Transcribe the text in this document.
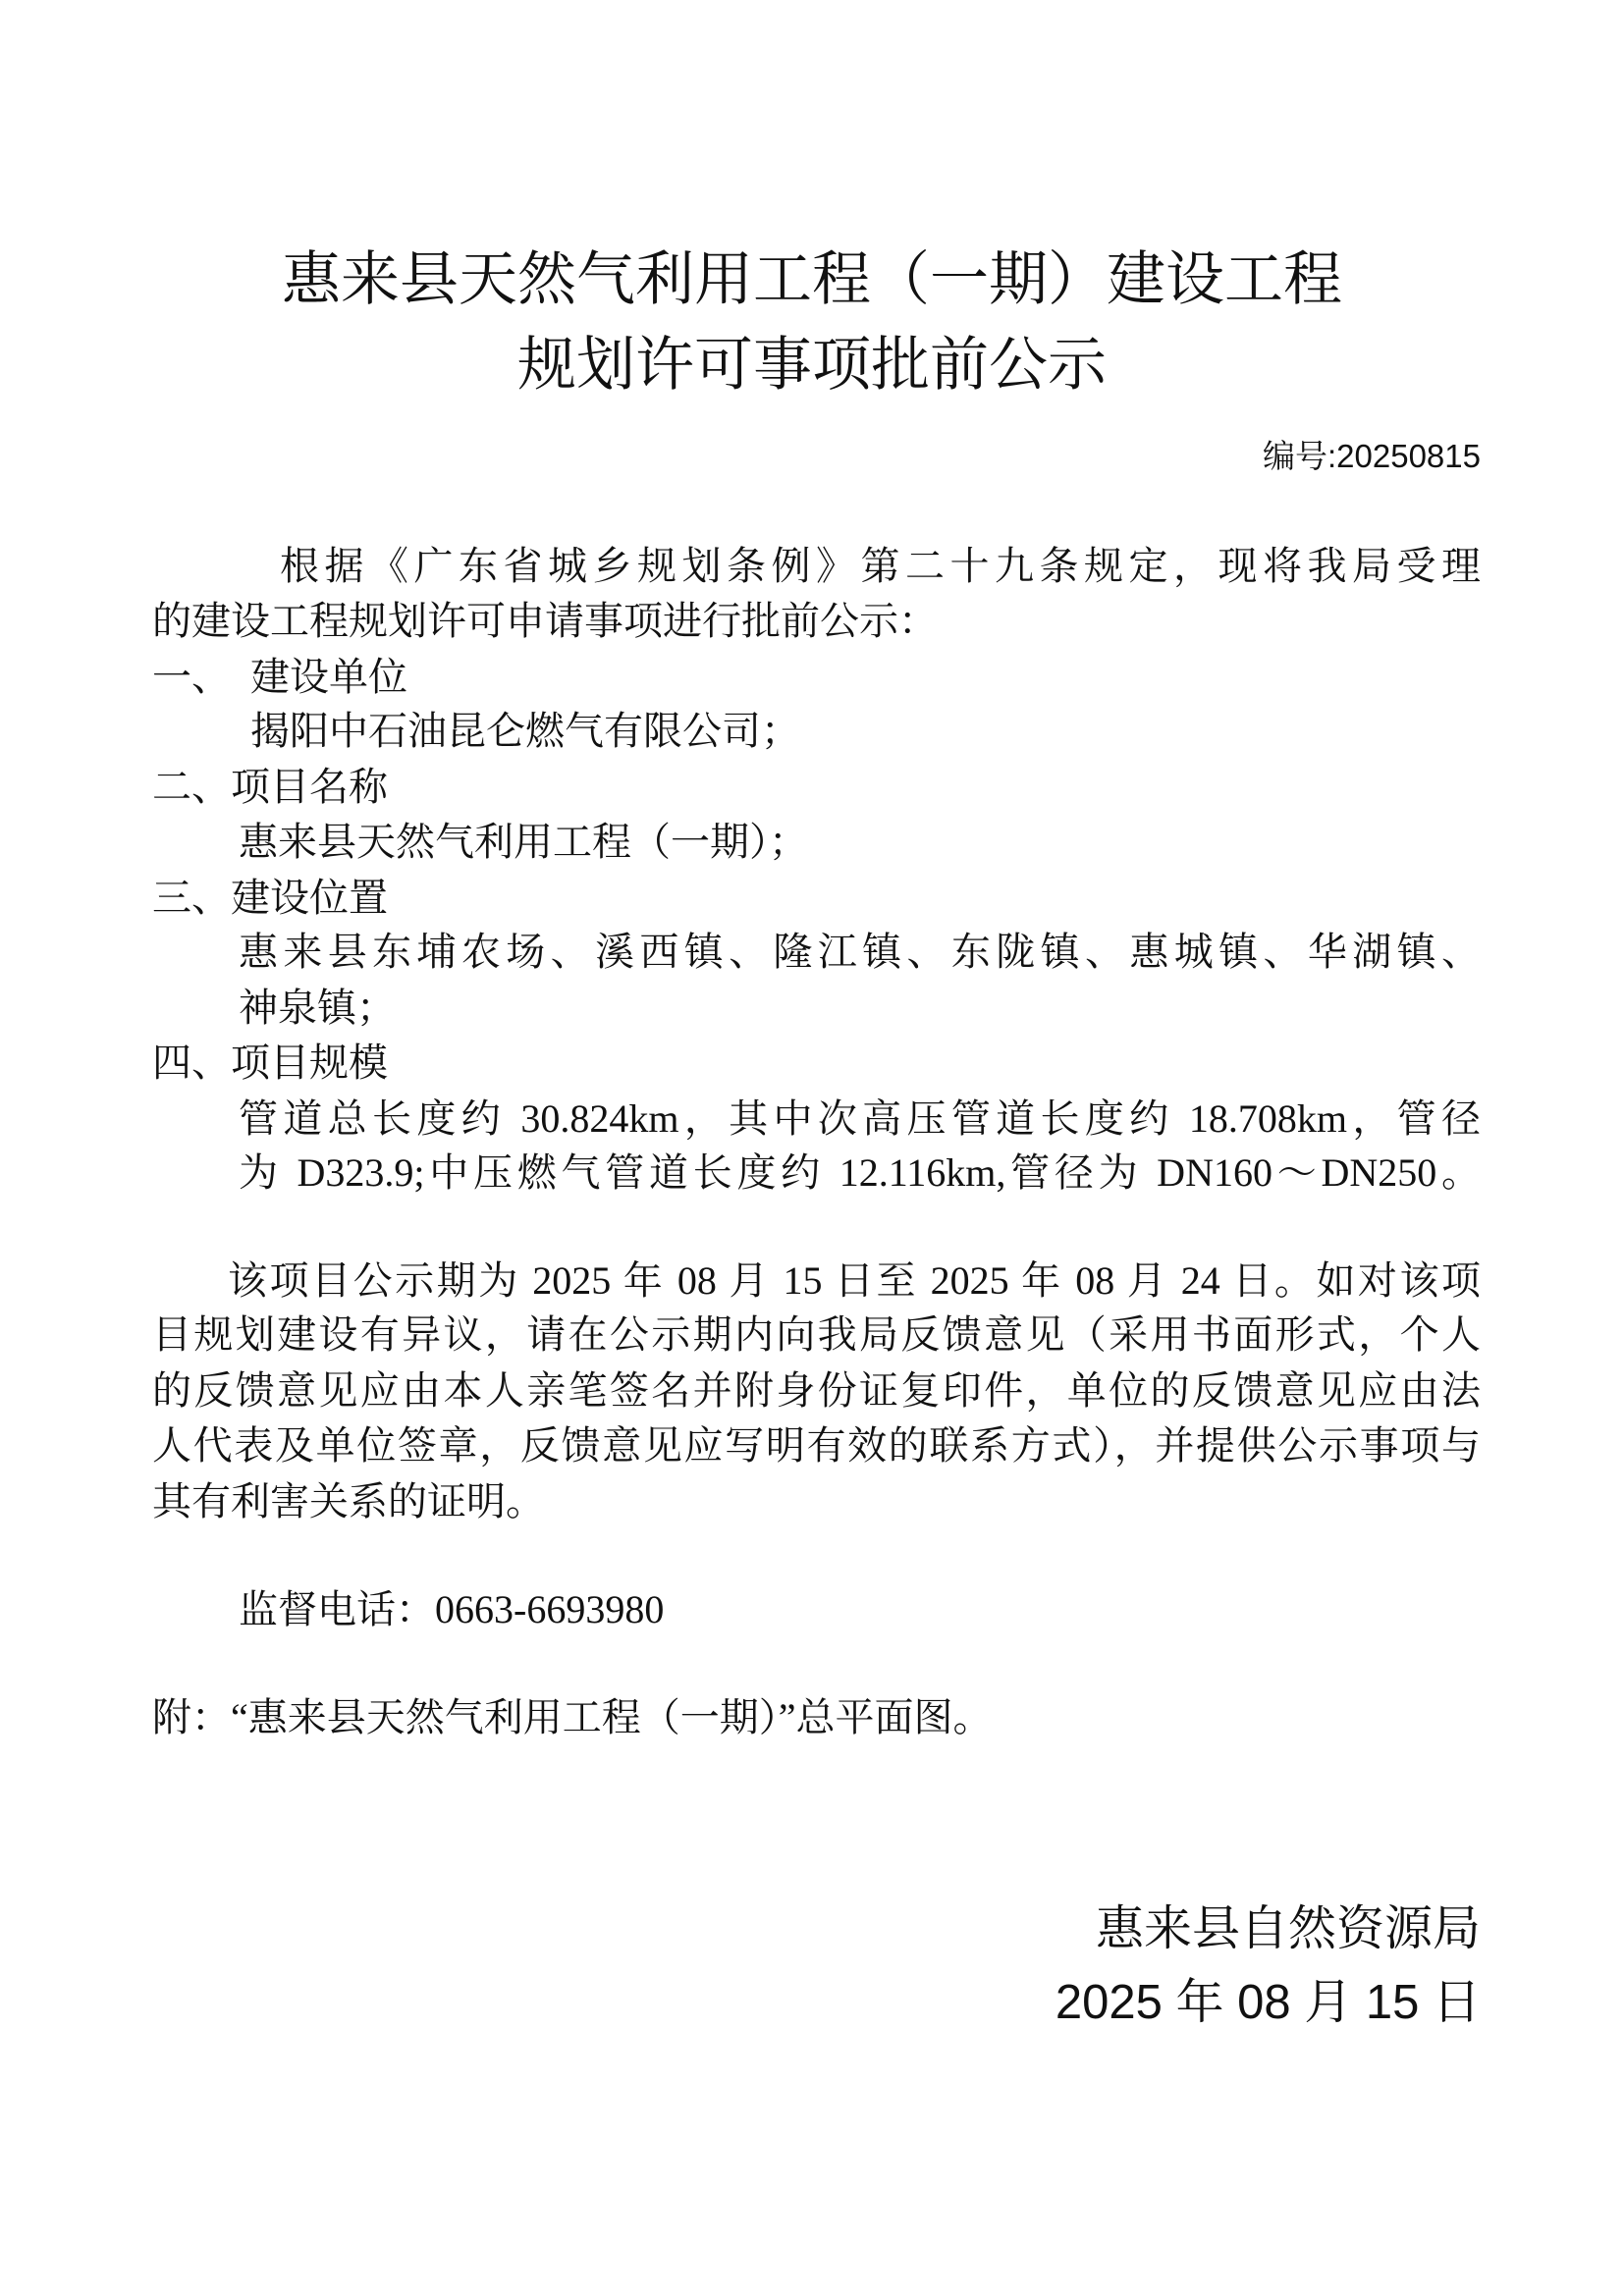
惠来县天然气利用工程（一期）建设工程
规划许可事项批前公示
编号:20250815
根据《广东省城乡规划条例》第二十九条规定，现将我局受理
的建设工程规划许可申请事项进行批前公示：
一、  建设单位
揭阳中石油昆仑燃气有限公司；
二、项目名称
惠来县天然气利用工程（一期）；
三、建设位置
惠来县东埔农场、溪西镇、隆江镇、东陇镇、惠城镇、华湖镇、
神泉镇；
四、项目规模
管道总长度约 30.824km，其中次高压管道长度约 18.708km，管径
为 D323.9;中压燃气管道长度约 12.116km,管径为 DN160～DN250。
该项目公示期为 2025 年 08 月 15 日至 2025 年 08 月 24 日。如对该项
目规划建设有异议，请在公示期内向我局反馈意见（采用书面形式，个人
的反馈意见应由本人亲笔签名并附身份证复印件，单位的反馈意见应由法
人代表及单位签章，反馈意见应写明有效的联系方式），并提供公示事项与
其有利害关系的证明。
监督电话：0663-6693980
附：“惠来县天然气利用工程（一期）”总平面图。
惠来县自然资源局
2025 年 08 月 15 日
